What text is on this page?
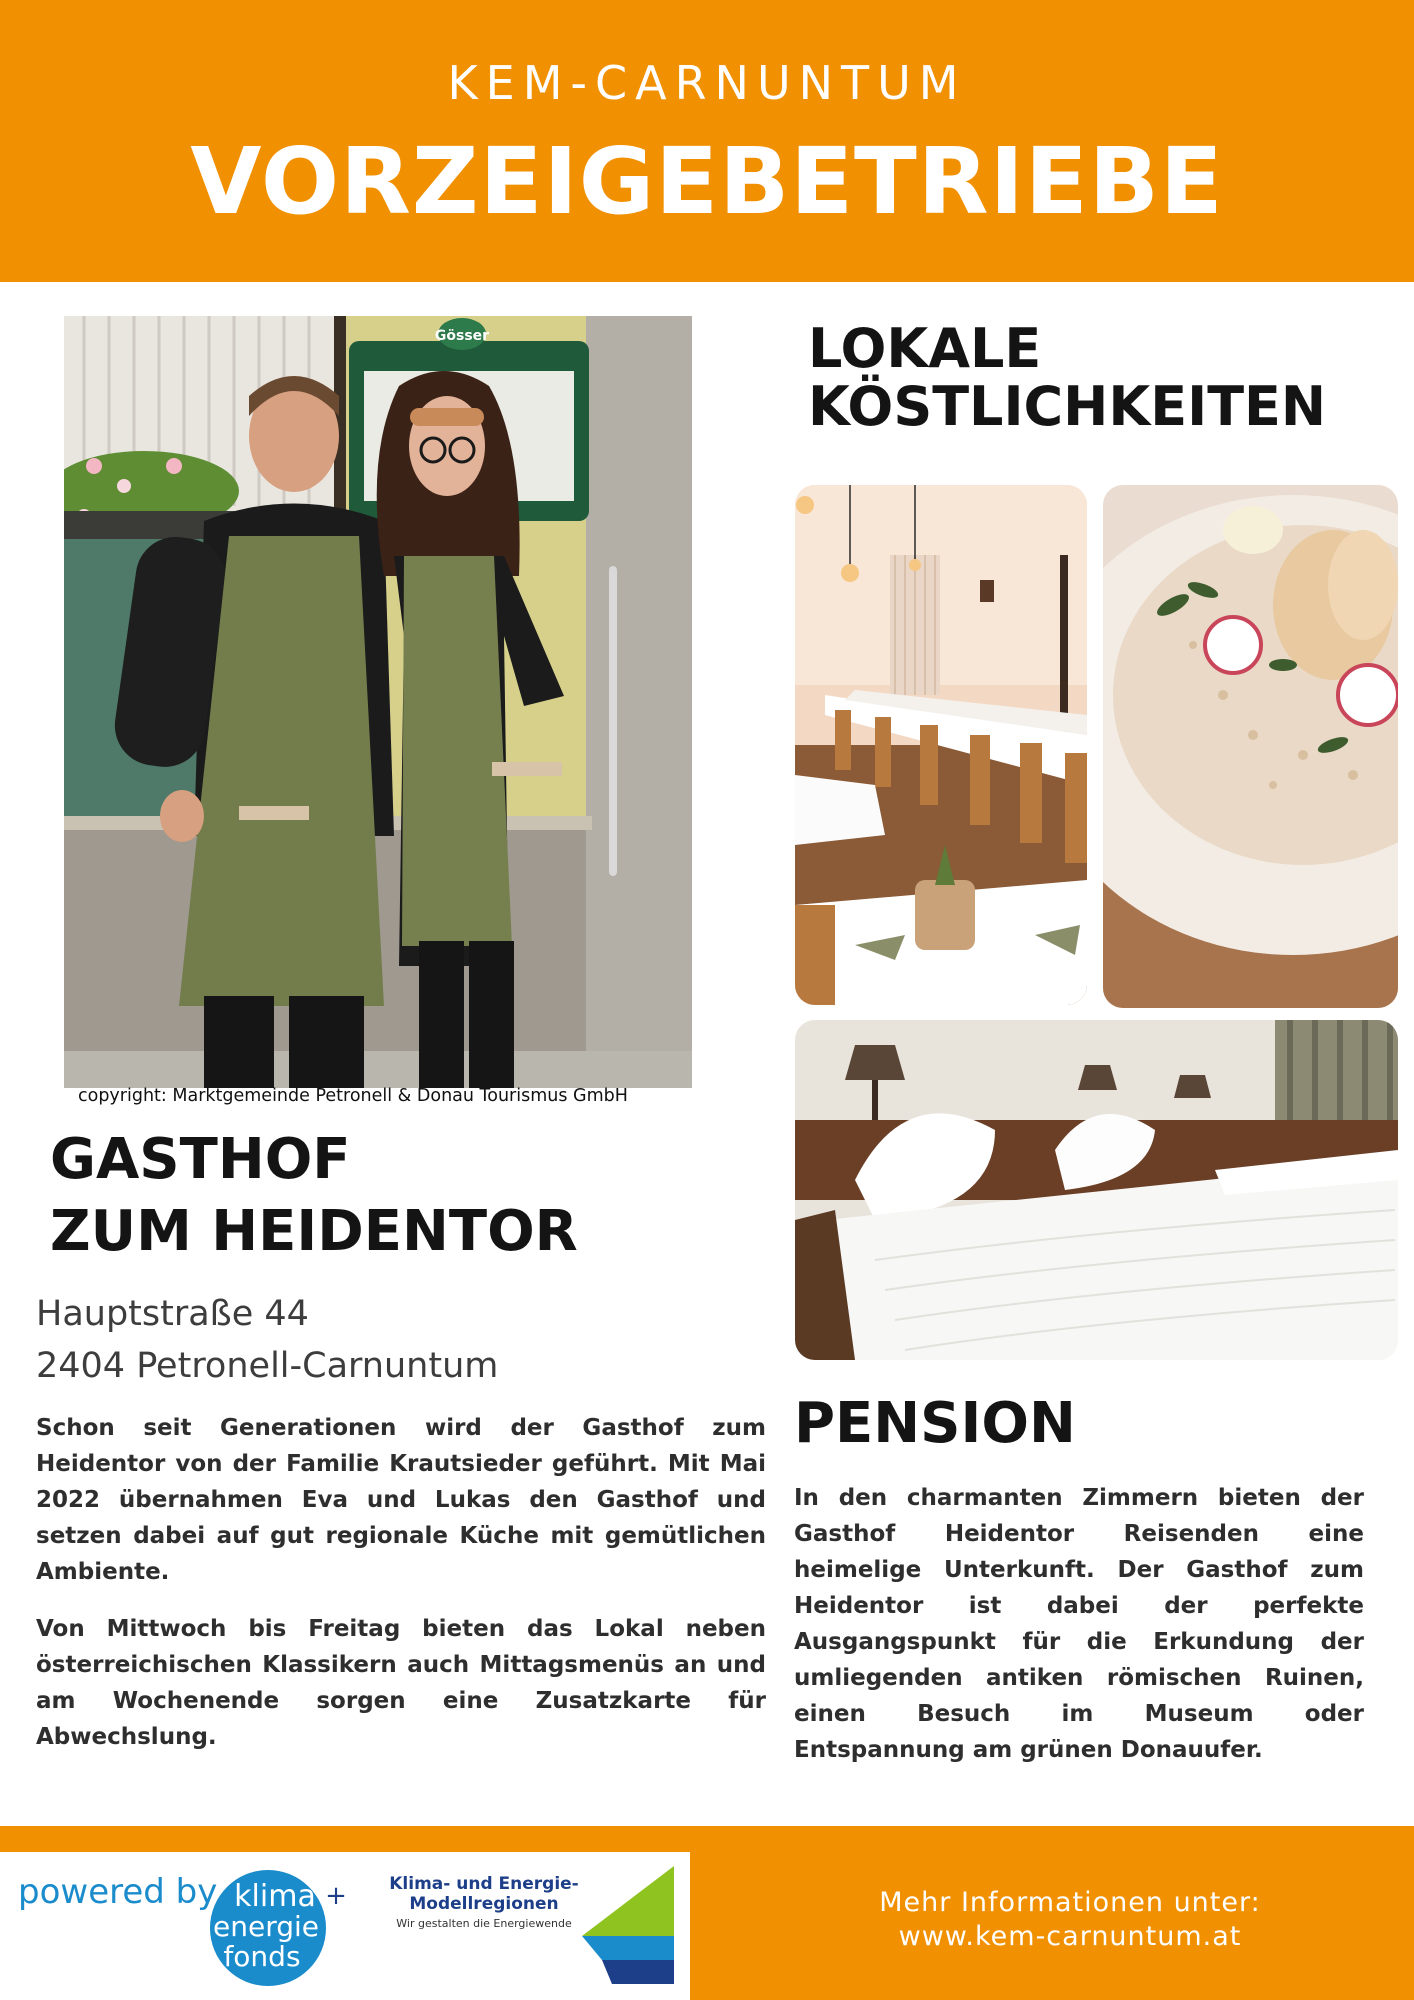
KEM-CARNUNTUM
VORZEIGEBETRIEBE
Gösser
copyright: Marktgemeinde Petronell & Donau Tourismus GmbH
LOKALE
KÖSTLICHKEITEN
GASTHOF
ZUM HEIDENTOR
Hauptstraße 44
2404 Petronell-Carnuntum

Schon seit Generationen wird der Gasthof zum Heidentor von der Familie Krautsieder geführt. Mit Mai 2022 übernahmen Eva und Lukas den Gasthof und setzen dabei auf gut regionale Küche mit gemütlichen Ambiente.

Von Mittwoch bis Freitag bieten das Lokal neben österreichischen Klassikern auch Mittagsmenüs an und am Wochenende sorgen eine Zusatzkarte für Abwechslung.

PENSION

In den charmanten Zimmern bieten der Gasthof Heidentor Reisenden eine heimelige Unterkunft. Der Gasthof zum Heidentor ist dabei der perfekte Ausgangspunkt für die Erkundung der umliegenden antiken römischen Ruinen, einen Besuch im Museum oder Entspannung am grünen Donauufer.

powered by klima +
energie
fonds
Klima- und Energie-
Modellregionen
Wir gestalten die Energiewende
Mehr Informationen unter:
www.kem-carnuntum.at
